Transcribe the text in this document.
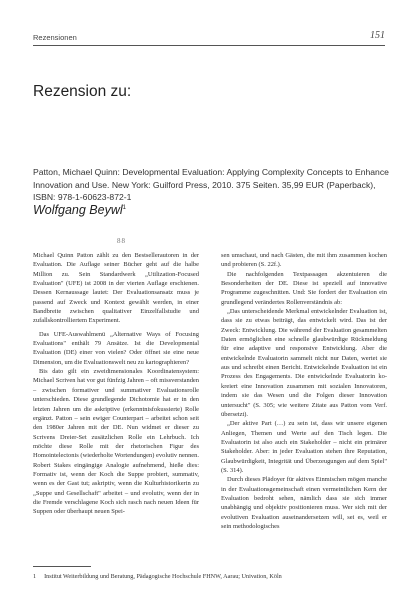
Rezensionen	151
Rezension zu:
Patton, Michael Quinn: Developmental Evaluation: Applying Complexity Concepts to Enhance Innovation and Use. New York: Guilford Press, 2010. 375 Seiten. 35,99 EUR (Paperback), ISBN: 978-1-60623-872-1
Wolfgang Beywl$^1$
88

Michael Quinn Patton zählt zu den Bestsellerautoren in der Evaluation. Die Auflage seiner Bücher geht auf die halbe Million zu. Sein Standardwerk „Utilization-Focused Evaluation" (UFE) ist 2008 in der vierten Auflage erschienen. Dessen Kernaussage lautet: Der Evaluationsansatz muss je passend auf Zweck und Kontext gewählt werden, in einer Bandbreite zwischen qualitativer Einzelfallstudie und zufallskontrolliertem Experiment.

Das UFE-Auswahlmenü „Alternative Ways of Focusing Evaluations" enthält 79 Ansätze. Ist die Developmental Evaluation (DE) einer von vielen? Oder öffnet sie eine neue Dimension, um die Evaluationswelt neu zu kartographieren?

Bis dato gilt ein zweidimensionales Koordinatensystem: Michael Scriven hat vor gut fünfzig Jahren – oft missverstanden – zwischen formativer und summativer Evaluationsrolle unterschieden. Diese grundlegende Dichotomie hat er in den letzten Jahren um die askriptive (erkenntnisfokussierte) Rolle ergänzt. Patton – sein ewiger Counterpart – arbeitet schon seit den 1980er Jahren mit der DE. Nun widmet er dieser zu Scrivens Dreier-Set zusätzlichen Rolle ein Lehrbuch. Ich möchte diese Rolle mit der rhetorischen Figur des Homointelectonis (wiederholte Wortendungen) evolutiv nennen. Robert Stakes eingängige Analogie aufnehmend, hieße dies: Formativ ist, wenn der Koch die Suppe probiert, summativ, wenn es der Gast tut; askriptiv, wenn die Kulturhistorikerin zu „Suppe und Gesellschaft" arbeitet – und evolutiv, wenn der in die Fremde verschlagene Koch sich rasch nach neuen Ideen für Suppen oder überhaupt neuen Spei-

sen umschaut, und nach Gästen, die mit ihm zusammen kochen und probieren (S. 22f.).

Die nachfolgenden Textpassagen akzentuieren die Besonderheiten der DE. Diese ist speziell auf innovative Programme zugeschnitten. Und: Sie fordert der Evaluation ein grundlegend verändertes Rollenverständnis ab:

„Das unterscheidende Merkmal entwickelnder Evaluation ist, dass sie zu etwas beiträgt, das entwickelt wird. Das ist der Zweck: Entwicklung. Die während der Evaluation gesammelten Daten ermöglichen eine schnelle glaubwürdige Rückmeldung für eine adaptive und responsive Entwicklung. Aber die entwickelnde Evaluatorin sammelt nicht nur Daten, wertet sie aus und schreibt einen Bericht. Entwickelnde Evaluation ist ein Prozess des Engagements. Die entwickelnde Evaluatorin ko-kreiert eine Innovation zusammen mit sozialen Innovatoren, indem sie das Wesen und die Folgen dieser Innovation untersucht" (S. 305; wie weitere Zitate aus Patton vom Verf. übersetzt).

„Der aktive Part (…) zu sein ist, dass wir unsere eigenen Anliegen, Themen und Werte auf den Tisch legen. Die Evaluatorin ist also auch ein Stakeholder – nicht ein primärer Stakeholder. Aber: in jeder Evaluation stehen ihre Reputation, Glaubwürdigkeit, Integrität und Überzeugungen auf dem Spiel" (S. 314).

Durch dieses Plädoyer für aktives Einmischen mögen manche in der Evaluationsgemeinschaft einen vermeintlichen Kern der Evaluation bedroht sehen, nämlich dass sie sich immer unabhängig und objektiv positionieren muss. Wer sich mit der evolutiven Evaluation auseinandersetzen will, sei es, weil er sein methodologisches

1 Institut Weiterbildung und Beratung, Pädagogische Hochschule FHNW, Aarau; Univation, Köln
